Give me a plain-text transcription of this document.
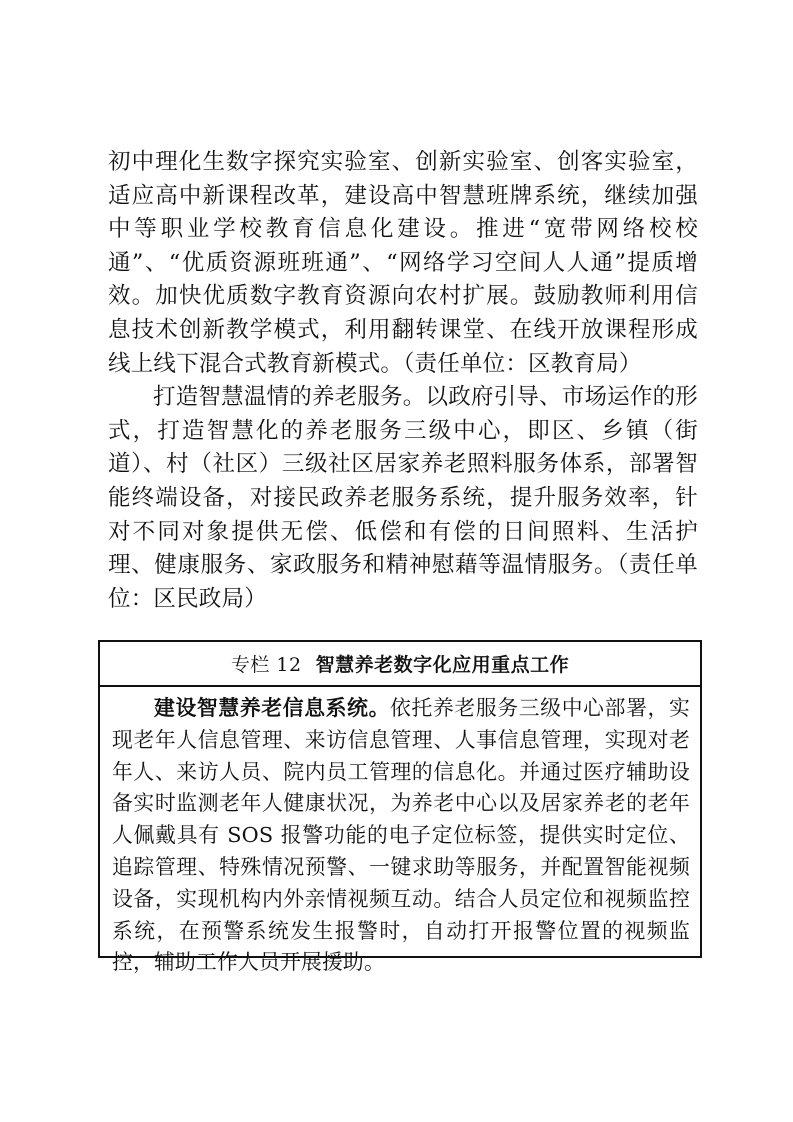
初中理化生数字探究实验室、创新实验室、创客实验室，适应高中新课程改革，建设高中智慧班牌系统，继续加强中等职业学校教育信息化建设。推进“宽带网络校校通”、“优质资源班班通”、“网络学习空间人人通”提质增效。加快优质数字教育资源向农村扩展。鼓励教师利用信息技术创新教学模式，利用翻转课堂、在线开放课程形成线上线下混合式教育新模式。（责任单位：区教育局）

打造智慧温情的养老服务。以政府引导、市场运作的形式，打造智慧化的养老服务三级中心，即区、乡镇（街道）、村（社区）三级社区居家养老照料服务体系，部署智能终端设备，对接民政养老服务系统，提升服务效率，针对不同对象提供无偿、低偿和有偿的日间照料、生活护理、健康服务、家政服务和精神慰藉等温情服务。（责任单位：区民政局）

专栏 12 智慧养老数字化应用重点工作

建设智慧养老信息系统。依托养老服务三级中心部署，实现老年人信息管理、来访信息管理、人事信息管理，实现对老年人、来访人员、院内员工管理的信息化。并通过医疗辅助设备实时监测老年人健康状况，为养老中心以及居家养老的老年人佩戴具有 SOS 报警功能的电子定位标签，提供实时定位、追踪管理、特殊情况预警、一键求助等服务，并配置智能视频设备，实现机构内外亲情视频互动。结合人员定位和视频监控系统，在预警系统发生报警时，自动打开报警位置的视频监控，辅助工作人员开展援助。
